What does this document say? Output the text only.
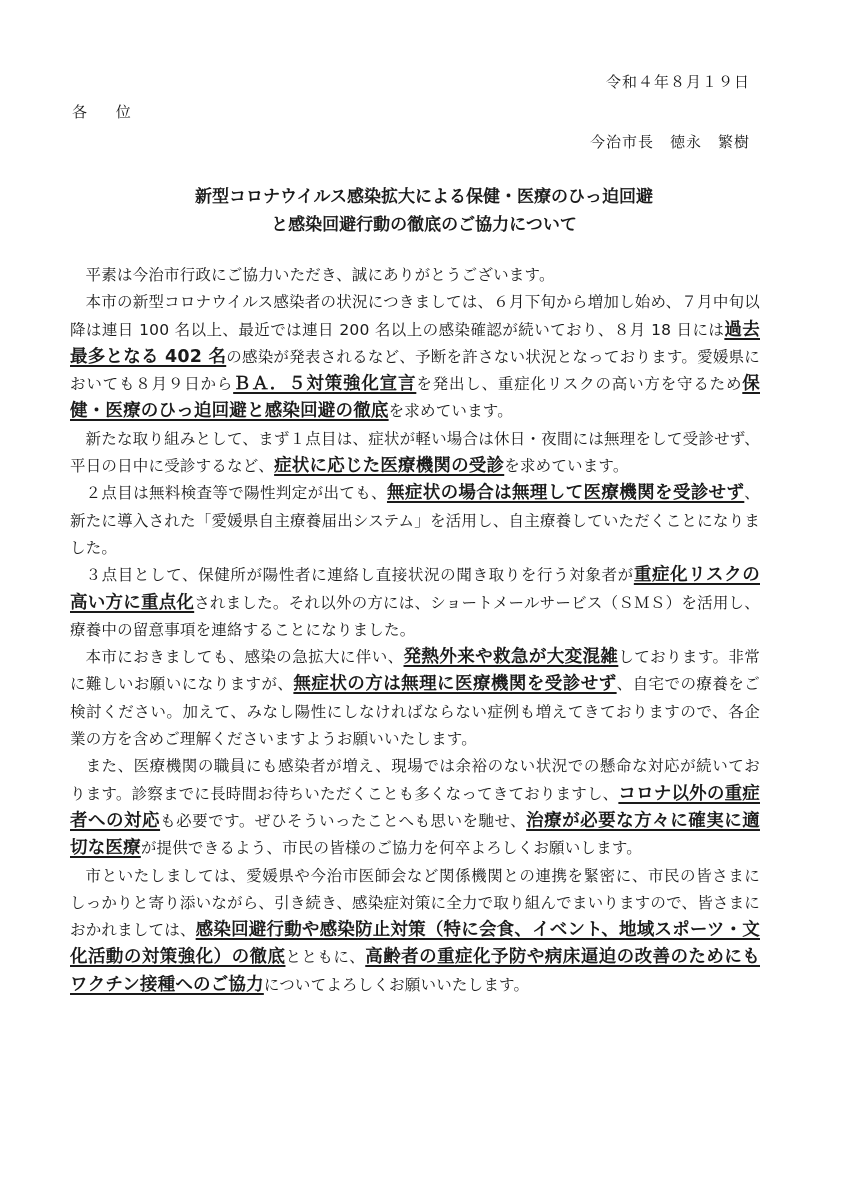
令和４年８月１９日
各 位
今治市長　徳永　繁樹
新型コロナウイルス感染拡大による保健・医療のひっ迫回避
と感染回避行動の徹底のご協力について

平素は今治市行政にご協力いただき、誠にありがとうございます。

本市の新型コロナウイルス感染者の状況につきましては、６月下旬から増加し始め、７月中旬以降は連日 100 名以上、最近では連日 200 名以上の感染確認が続いており、８月 18 日には過去最多となる 402 名の感染が発表されるなど、予断を許さない状況となっております。愛媛県においても８月９日からＢＡ．５対策強化宣言を発出し、重症化リスクの高い方を守るため保健・医療のひっ迫回避と感染回避の徹底を求めています。

新たな取り組みとして、まず１点目は、症状が軽い場合は休日・夜間には無理をして受診せず、平日の日中に受診するなど、症状に応じた医療機関の受診を求めています。

２点目は無料検査等で陽性判定が出ても、無症状の場合は無理して医療機関を受診せず、新たに導入された「愛媛県自主療養届出システム」を活用し、自主療養していただくことになりました。

３点目として、保健所が陽性者に連絡し直接状況の聞き取りを行う対象者が重症化リスクの高い方に重点化されました。それ以外の方には、ショートメールサービス（ＳＭＳ）を活用し、療養中の留意事項を連絡することになりました。

本市におきましても、感染の急拡大に伴い、発熱外来や救急が大変混雑しております。非常に難しいお願いになりますが、無症状の方は無理に医療機関を受診せず、自宅での療養をご検討ください。加えて、みなし陽性にしなければならない症例も増えてきておりますので、各企業の方を含めご理解くださいますようお願いいたします。

また、医療機関の職員にも感染者が増え、現場では余裕のない状況での懸命な対応が続いております。診察までに長時間お待ちいただくことも多くなってきておりますし、コロナ以外の重症者への対応も必要です。ぜひそういったことへも思いを馳せ、治療が必要な方々に確実に適切な医療が提供できるよう、市民の皆様のご協力を何卒よろしくお願いします。

市といたしましては、愛媛県や今治市医師会など関係機関との連携を緊密に、市民の皆さまにしっかりと寄り添いながら、引き続き、感染症対策に全力で取り組んでまいりますので、皆さまにおかれましては、感染回避行動や感染防止対策（特に会食、イベント、地域スポーツ・文化活動の対策強化）の徹底とともに、高齢者の重症化予防や病床逼迫の改善のためにもワクチン接種へのご協力についてよろしくお願いいたします。
